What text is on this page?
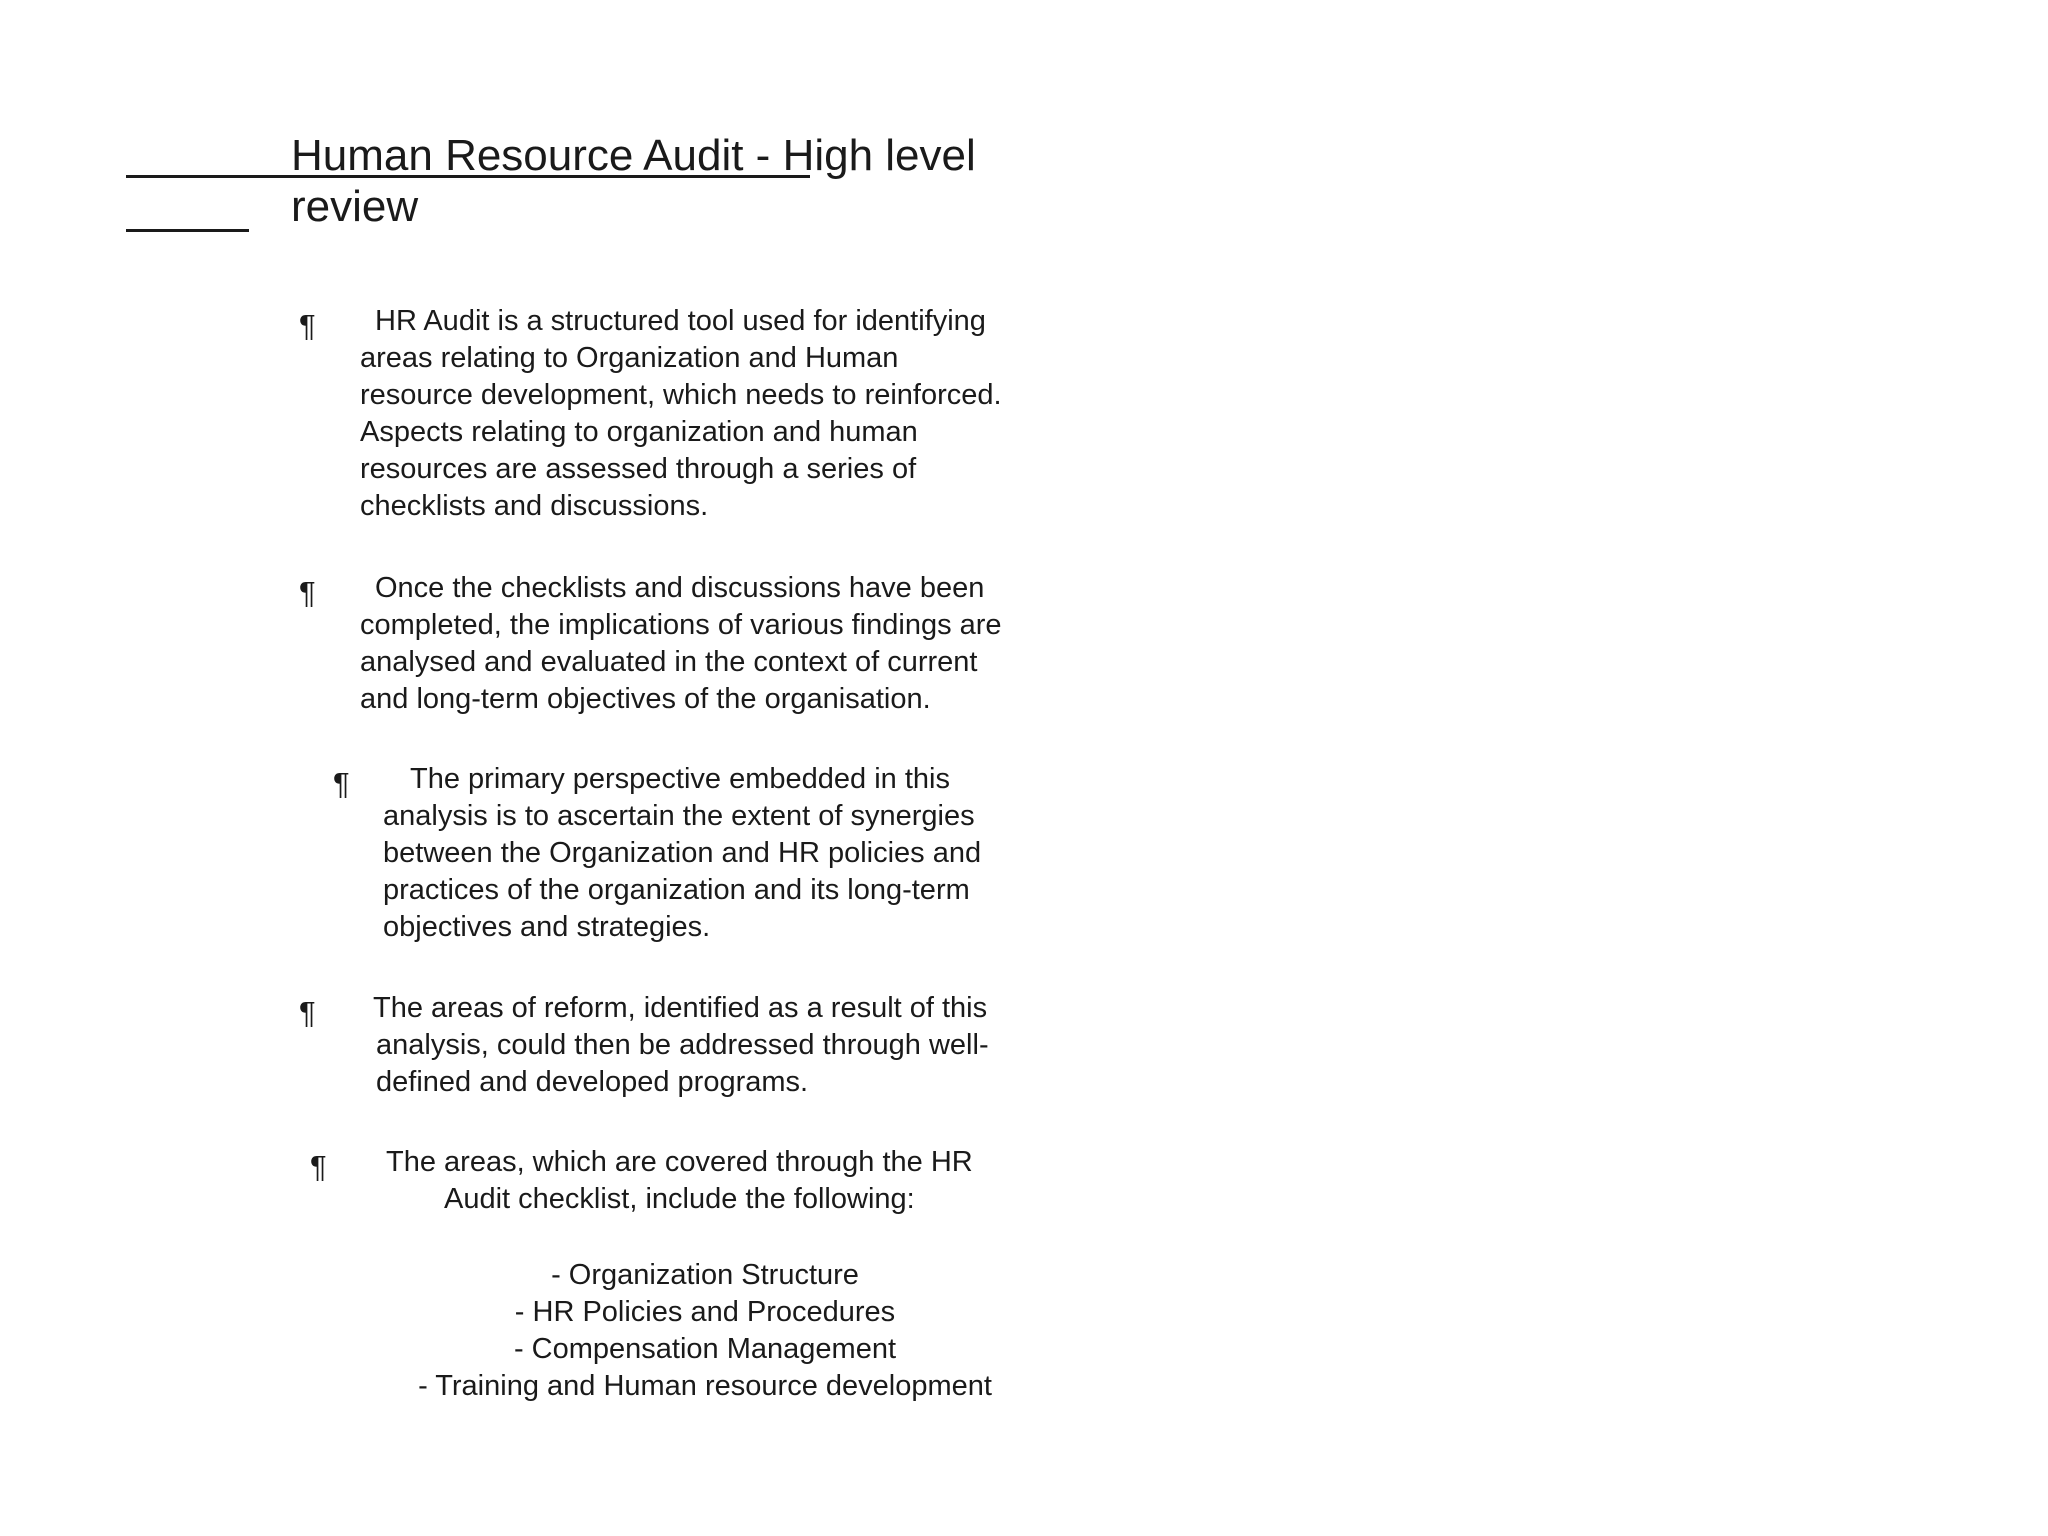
Human Resource Audit - High level review
¶	HR Audit is a structured tool used for identifying
areas relating to Organization and Human
resource development, which needs to reinforced.
Aspects relating to organization and human
resources are assessed through a series of
checklists and discussions.
¶	Once the checklists and discussions have been
completed, the implications of various findings are
analysed and evaluated in the context of current
and long-term objectives of the organisation.
¶	The primary perspective embedded in this
analysis is to ascertain the extent of synergies
between the Organization and HR policies and
practices of the organization and its long-term
objectives and strategies.
¶ The areas of reform, identified as a result of this
analysis, could then be addressed through well-
defined and developed programs.
¶ The areas, which are covered through the HR
Audit checklist, include the following:
- Organization Structure
- HR Policies and Procedures
- Compensation Management
- Training and Human resource development
